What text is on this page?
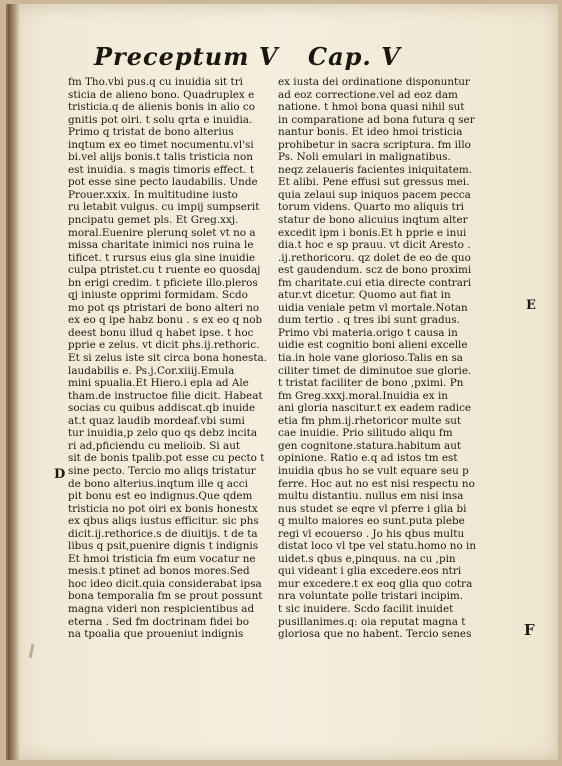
Preceptum V Cap. V
fm Tho.vbi pus.q cu inuidia sit tri
sticia de alieno bono. Quadruplex e
tristicia.q de alienis bonis in alio co
gnitis pot oiri. t solu qrta e inuidia.
Primo q tristat de bono alterius
inqtum ex eo timet nocumentu.vl'si
bi.vel alijs bonis.t talis tristicia non
est inuidia. s magis timoris effect. t
pot esse sine pecto laudabilis. Unde
Prouer.xxix. In multitudine iusto
ru letabit vulgus. cu impij sumpserit
pncipatu gemet pls. Et Greg.xxj.
moral.Euenire plerunq solet vt no a
missa charitate inimici nos ruina le
tificet. t rursus eius gla sine inuidie
culpa ptristet.cu t ruente eo quosdaj
bn erigi credim. t pficiete illo.pleros
qj iniuste opprimi formidam. Scdo
mo pot qs ptristari de bono alteri no
ex eo q ipe habz bonu . s ex eo q nob
deest bonu illud q habet ipse. t hoc
pprie e zelus. vt dicit phs.ij.rethoric.
Et si zelus iste sit circa bona honesta.
laudabilis e. Ps.j.Cor.xiiij.Emula
mini spualia.Et Hiero.i epla ad Ale
tham.de instructoe filie dicit. Habeat
socias cu quibus addiscat.qb inuide
at.t quaz laudib mordeaf.vbi sumi
tur inuidia,p zelo quo qs debz incita
ri ad,pficiendu cu melioib. Si aut
sit de bonis tpalib.pot esse cu pecto t
sine pecto. Tercio mo aliqs tristatur
de bono alterius.inqtum ille q acci
pit bonu est eo indignus.Que qdem
tristicia no pot oiri ex bonis honestx
ex qbus aliqs iustus efficitur. sic phs
dicit.ij.rethorice.s de diuitijs. t de ta
libus q psit,puenire dignis t indignis
Et hmoi tristicia fm eum vocatur ne
mesis.t ptinet ad bonos mores.Sed
hoc ideo dicit.quia considerabat ipsa
bona temporalia fm se prout possunt
magna videri non respicientibus ad
eterna . Sed fm doctrinam fidei bo
na tpoalia que proueniut indignis
ex iusta dei ordinatione disponuntur
ad eoz correctione.vel ad eoz dam
natione. t hmoi bona quasi nihil sut
in comparatione ad bona futura q ser
nantur bonis. Et ideo hmoi tristicia
prohibetur in sacra scriptura. fm illo
Ps. Noli emulari in malignatibus.
neqz zelaueris facientes iniquitatem.
Et alibi. Pene effusi sut gressus mei.
quia zelaui sup iniquos pacem pecca
torum videns. Quarto mo aliquis tri
statur de bono alicuius inqtum alter
excedit ipm i bonis.Et h pprie e inui
dia.t hoc e sp prauu. vt dicit Aresto .
.ij.rethoricoru. qz dolet de eo de quo
est gaudendum. scz de bono proximi
fm charitate.cui etia directe contrari
atur.vt dicetur. Quomo aut fiat in
uidia veniale petm vl mortale.Notan
dum tertio . q tres ibi sunt gradus.
Primo vbi materia.origo t causa in
uidie est cognitio boni alieni excelle
tia.in hoie vane glorioso.Talis en sa
ciliter timet de diminutoe sue glorie.
t tristat faciliter de bono ,pximi. Pn
fm Greg.xxxj.moral.Inuidia ex in
ani gloria nascitur.t ex eadem radice
etia fm phm.ij.rhetoricor multe sut
cae inuidie. Prio silitudo aliqu fm
gen cognitone.statura.habitum aut
opinione. Ratio e.q ad istos tm est
inuidia qbus ho se vult equare seu p
ferre. Hoc aut no est nisi respectu no
multu distantiu. nullus em nisi insa
nus studet se eqre vl pferre i glia bi
q multo maiores eo sunt.puta plebe
regi vl ecouerso . Jo his qbus multu
distat loco vl tpe vel statu.homo no in
uidet.s qbus e,pinquus. na cu ,pin
qui videant i glia excedere.eos ntri
mur excedere.t ex eoq glia quo cotra
nra voluntate polle tristari incipim.
t sic inuidere. Scdo facilit inuidet
pusillanimes.q: oia reputat magna t
gloriosa que no habent. Tercio senes
D
E
F
